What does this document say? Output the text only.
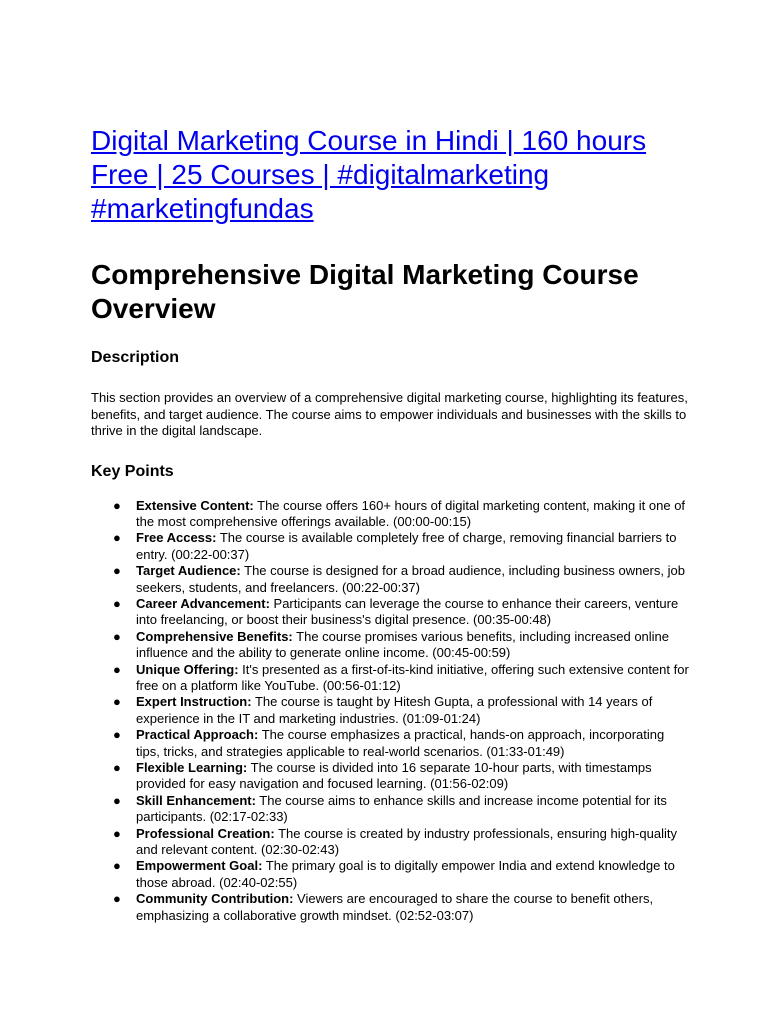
Digital Marketing Course in Hindi | 160 hours Free | 25 Courses | #digitalmarketing #marketingfundas
Comprehensive Digital Marketing Course Overview
Description

This section provides an overview of a comprehensive digital marketing course, highlighting its features, benefits, and target audience. The course aims to empower individuals and businesses with the skills to thrive in the digital landscape.

Key Points
● Extensive Content: The course offers 160+ hours of digital marketing content, making it one of the most comprehensive offerings available. (00:00-00:15)
● Free Access: The course is available completely free of charge, removing financial barriers to entry. (00:22-00:37)
● Target Audience: The course is designed for a broad audience, including business owners, job seekers, students, and freelancers. (00:22-00:37)
● Career Advancement: Participants can leverage the course to enhance their careers, venture into freelancing, or boost their business's digital presence. (00:35-00:48)
● Comprehensive Benefits: The course promises various benefits, including increased online influence and the ability to generate online income. (00:45-00:59)
● Unique Offering: It's presented as a first-of-its-kind initiative, offering such extensive content for free on a platform like YouTube. (00:56-01:12)
● Expert Instruction: The course is taught by Hitesh Gupta, a professional with 14 years of experience in the IT and marketing industries. (01:09-01:24)
● Practical Approach: The course emphasizes a practical, hands-on approach, incorporating tips, tricks, and strategies applicable to real-world scenarios. (01:33-01:49)
● Flexible Learning: The course is divided into 16 separate 10-hour parts, with timestamps provided for easy navigation and focused learning. (01:56-02:09)
● Skill Enhancement: The course aims to enhance skills and increase income potential for its participants. (02:17-02:33)
● Professional Creation: The course is created by industry professionals, ensuring high-quality and relevant content. (02:30-02:43)
● Empowerment Goal: The primary goal is to digitally empower India and extend knowledge to those abroad. (02:40-02:55)
● Community Contribution: Viewers are encouraged to share the course to benefit others, emphasizing a collaborative growth mindset. (02:52-03:07)
